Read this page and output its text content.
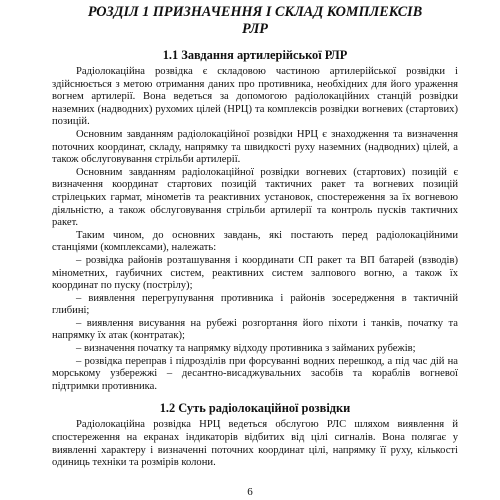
РОЗДІЛ 1 ПРИЗНАЧЕННЯ І СКЛАД КОМПЛЕКСІВ
РЛР
1.1 Завдання артилерійської РЛР

Радіолокаційна розвідка є складовою частиною артилерійської розвідки і здійснюється з метою отримання даних про противника, необхідних для його ураження вогнем артилерії. Вона ведеться за допомогою радіолокаційних станцій розвідки наземних (надводних) рухомих цілей (НРЦ) та комплексів розвідки вогневих (стартових) позицій.

Основним завданням радіолокаційної розвідки НРЦ є знаходження та визначення поточних координат, складу, напрямку та швидкості руху наземних (надводних) цілей, а також обслуговування стрільби артилерії.

Основним завданням радіолокаційної розвідки вогневих (стартових) позицій є визначення координат стартових позицій тактичних ракет та вогневих позицій стрілецьких гармат, мінометів та реактивних установок, спостереження за їх вогневою діяльністю, а також обслуговування стрільби артилерії та контроль пусків тактичних ракет.

Таким чином, до основних завдань, які постають перед радіолокаційними станціями (комплексами), належать:

– розвідка районів розташування і координати СП ракет та ВП батарей (взводів) мінометних, гаубичних систем, реактивних систем залпового вогню, а також їх координат по пуску (пострілу);

– виявлення перегрупування противника і районів зосередження в тактичній глибині;

– виявлення висування на рубежі розгортання його піхоти і танків, початку та напрямку їх атак (контратак);

– визначення початку та напрямку відходу противника з займаних рубежів;

– розвідка переправ і підрозділів при форсуванні водних перешкод, а під час дій на морському узбережжі – десантно-висаджувальних засобів та кораблів вогневої підтримки противника.

1.2 Суть радіолокаційної розвідки

Радіолокаційна розвідка НРЦ ведеться обслугою РЛС шляхом виявлення й спостереження на екранах індикаторів відбитих від цілі сигналів. Вона полягає у виявленні характеру і визначенні поточних координат цілі, напрямку її руху, кількості одиниць техніки та розмірів колони.

6
